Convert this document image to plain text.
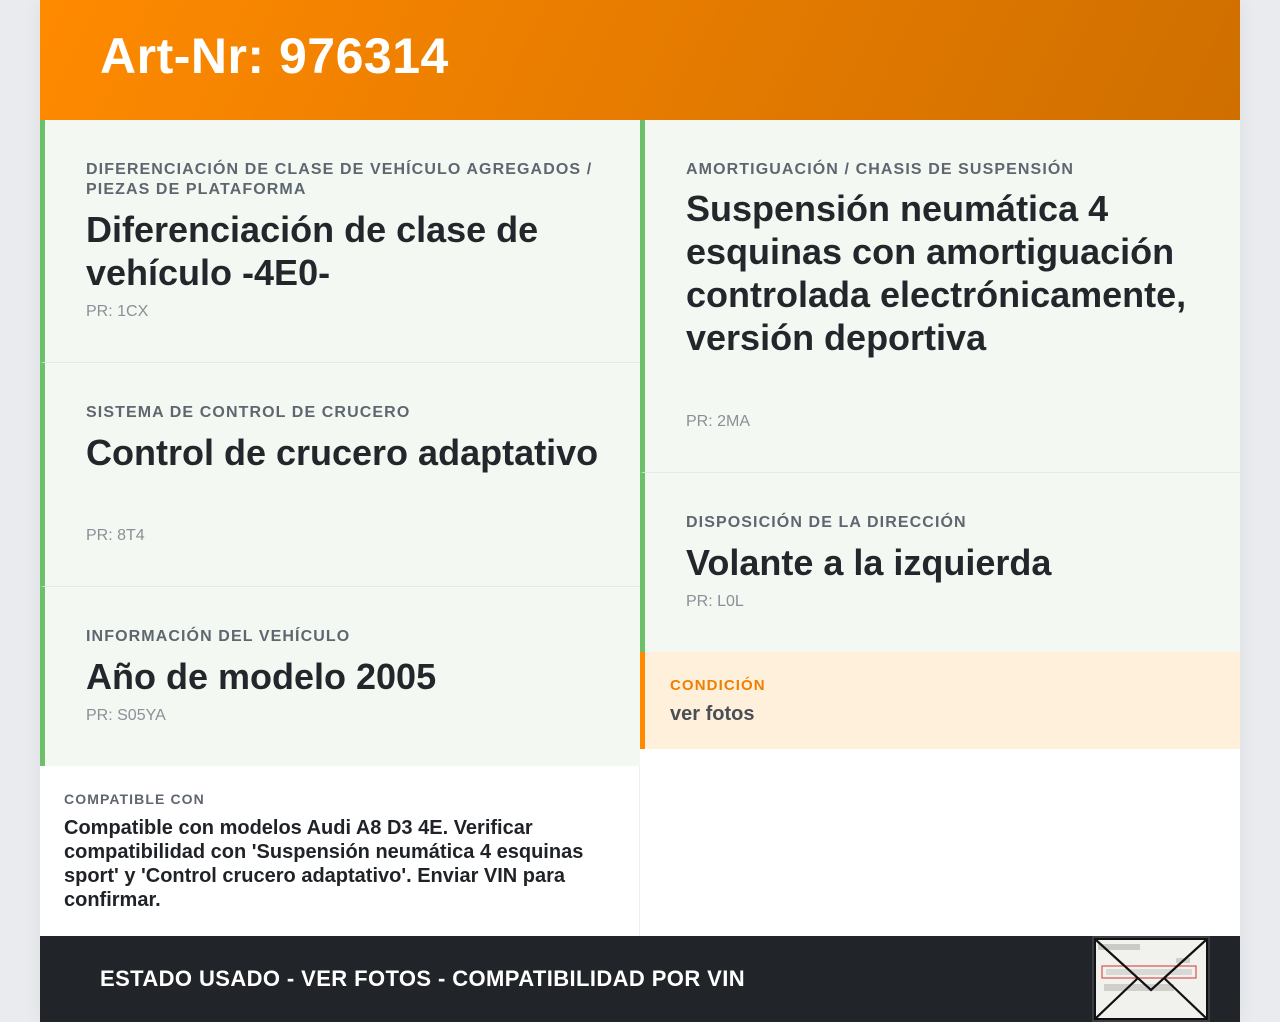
Art-Nr: 976314
DIFERENCIACIÓN DE CLASE DE VEHÍCULO AGREGADOS / PIEZAS DE PLATAFORMA
Diferenciación de clase de vehículo -4E0-
PR: 1CX
SISTEMA DE CONTROL DE CRUCERO
Control de crucero adaptativo
PR: 8T4
INFORMACIÓN DEL VEHÍCULO
Año de modelo 2005
PR: S05YA
AMORTIGUACIÓN / CHASIS DE SUSPENSIÓN
Suspensión neumática 4 esquinas con amortiguación controlada electrónicamente, versión deportiva
PR: 2MA
DISPOSICIÓN DE LA DIRECCIÓN
Volante a la izquierda
PR: L0L
CONDICIÓN
ver fotos
COMPATIBLE CON
Compatible con modelos Audi A8 D3 4E. Verificar compatibilidad con 'Suspensión neumática 4 esquinas sport' y 'Control crucero adaptativo'. Enviar VIN para confirmar.
ESTADO USADO - VER FOTOS - COMPATIBILIDAD POR VIN
